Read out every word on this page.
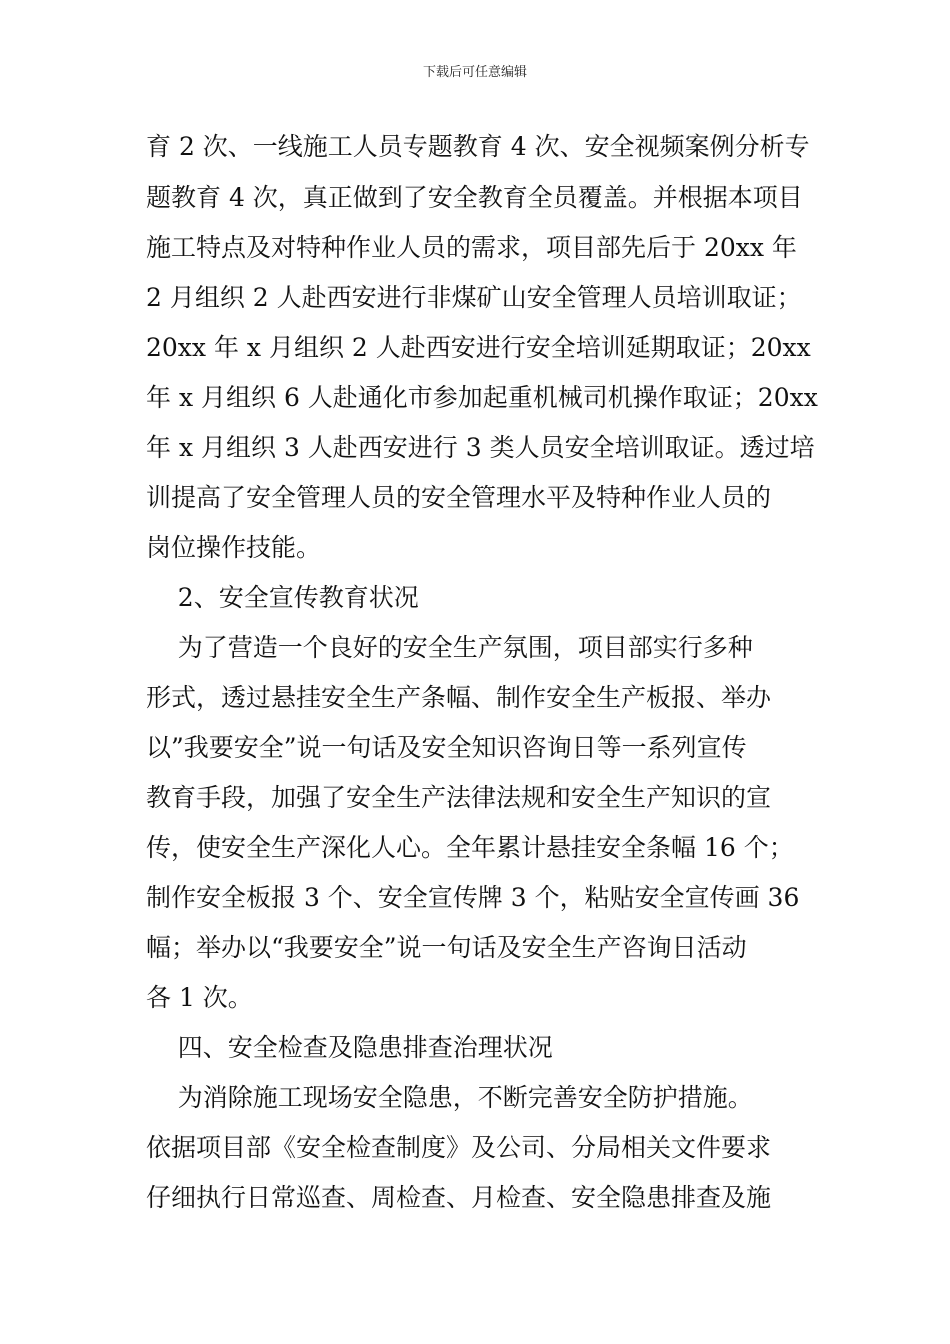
下载后可任意编辑
育 2 次、一线施工人员专题教育 4 次、安全视频案例分析专
题教育 4 次，真正做到了安全教育全员覆盖。并根据本项目
施工特点及对特种作业人员的需求，项目部先后于 20xx 年
2 月组织 2 人赴西安进行非煤矿山安全管理人员培训取证；
20xx 年 x 月组织 2 人赴西安进行安全培训延期取证；20xx
年 x 月组织 6 人赴通化市参加起重机械司机操作取证；20xx
年 x 月组织 3 人赴西安进行 3 类人员安全培训取证。透过培
训提高了安全管理人员的安全管理水平及特种作业人员的
岗位操作技能。
2、安全宣传教育状况
为了营造一个良好的安全生产氛围，项目部实行多种
形式，透过悬挂安全生产条幅、制作安全生产板报、举办
以”我要安全”说一句话及安全知识咨询日等一系列宣传
教育手段，加强了安全生产法律法规和安全生产知识的宣
传，使安全生产深化人心。全年累计悬挂安全条幅 16 个；
制作安全板报 3 个、安全宣传牌 3 个，粘贴安全宣传画 36
幅；举办以“我要安全”说一句话及安全生产咨询日活动
各 1 次。
四、安全检查及隐患排查治理状况
为消除施工现场安全隐患，不断完善安全防护措施。
依据项目部《安全检查制度》及公司、分局相关文件要求
仔细执行日常巡查、周检查、月检查、安全隐患排查及施
